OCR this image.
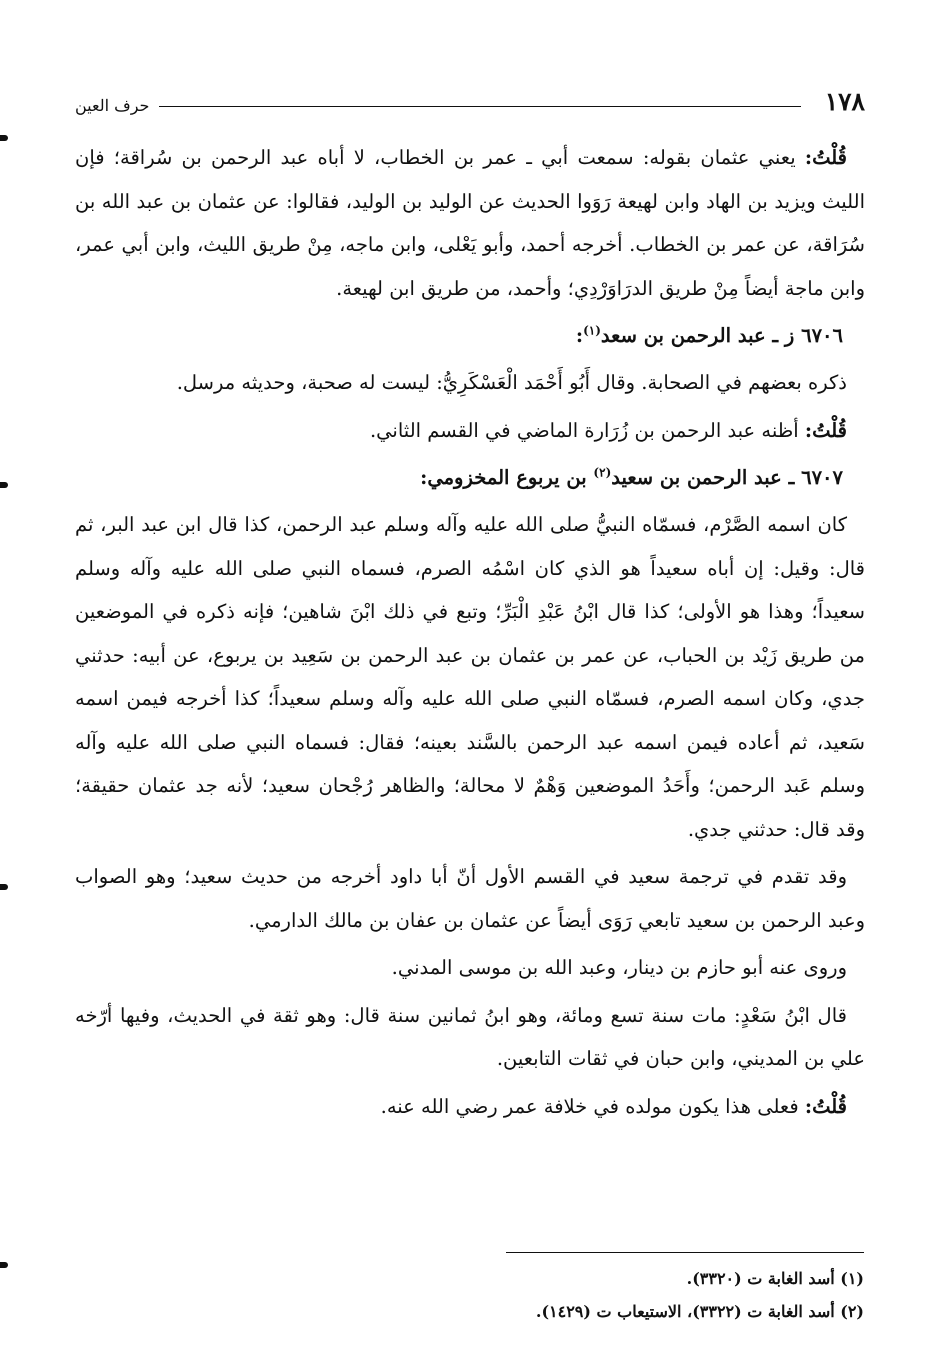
١٧٨
حرف العين

قُلْتُ: يعني عثمان بقوله: سمعت أبي ـ عمر بن الخطاب، لا أباه عبد الرحمن بن سُراقة؛ فإن الليث ويزيد بن الهاد وابن لهيعة رَوَوا الحديث عن الوليد بن الوليد، فقالوا: عن عثمان بن عبد الله بن سُرَاقة، عن عمر بن الخطاب. أخرجه أحمد، وأبو يَعْلى، وابن ماجه، مِنْ طريق الليث، وابن أبي عمر، وابن ماجة أيضاً مِنْ طريق الدرَاوَرْدِي؛ وأحمد، من طريق ابن لهيعة.

٦٧٠٦ ز ـ عبد الرحمن بن سعد$^{(١)}$:

ذكره بعضهم في الصحابة. وقال أَبُو أَحْمَد الْعَسْكَرِيُّ: ليست له صحبة، وحديثه مرسل.

قُلْتُ: أظنه عبد الرحمن بن زُرَارة الماضي في القسم الثاني.

٦٧٠٧ ـ عبد الرحمن بن سعيد$^{(٢)}$ بن يربوع المخزومي:

كان اسمه الصَّرْم، فسمّاه النبيُّ صلى الله عليه وآله وسلم عبد الرحمن، كذا قال ابن عبد البر، ثم قال: وقيل: إن أباه سعيداً هو الذي كان اسْمُه الصرم، فسماه النبي صلى الله عليه وآله وسلم سعيداً؛ وهذا هو الأولى؛ كذا قال ابْنُ عَبْدِ الْبَرِّ؛ وتبع في ذلك ابْنَ شاهين؛ فإنه ذكره في الموضعين من طريق زَيْد بن الحباب، عن عمر بن عثمان بن عبد الرحمن بن سَعِيد بن يربوع، عن أبيه: حدثني جدي، وكان اسمه الصرم، فسمّاه النبي صلى الله عليه وآله وسلم سعيداً؛ كذا أخرجه فيمن اسمه سَعيد، ثم أعاده فيمن اسمه عبد الرحمن بالسَّند بعينه؛ فقال: فسماه النبي صلى الله عليه وآله وسلم عَبد الرحمن؛ وأَحَدُ الموضعين وَهْمٌ لا محالة؛ والظاهر رُجْحان سعيد؛ لأنه جد عثمان حقيقة؛ وقد قال: حدثني جدي.

وقد تقدم في ترجمة سعيد في القسم الأول أنّ أبا داود أخرجه من حديث سعيد؛ وهو الصواب وعبد الرحمن بن سعيد تابعي رَوَى أيضاً عن عثمان بن عفان بن مالك الدارمي.

وروى عنه أبو حازم بن دينار، وعبد الله بن موسى المدني.

قال ابْنُ سَعْدٍ: مات سنة تسع ومائة، وهو ابنُ ثمانين سنة قال: وهو ثقة في الحديث، وفيها أرّخه علي بن المديني، وابن حبان في ثقات التابعين.

قُلْتُ: فعلى هذا يكون مولده في خلافة عمر رضي الله عنه.

(١) أسد الغابة ت (٣٣٢٠).
(٢) أسد الغابة ت (٣٣٢٢)، الاستيعاب ت (١٤٢٩).
